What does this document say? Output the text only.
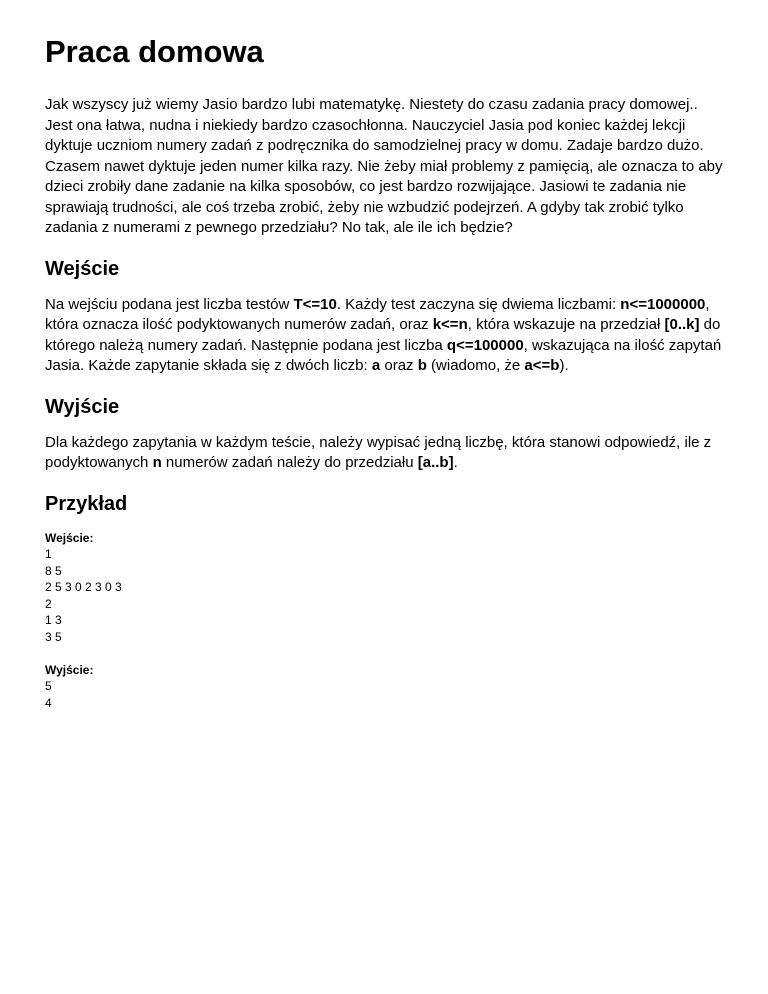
Praca domowa

Jak wszyscy już wiemy Jasio bardzo lubi matematykę. Niestety do czasu zadania pracy domowej.. Jest ona łatwa, nudna i niekiedy bardzo czasochłonna. Nauczyciel Jasia pod koniec każdej lekcji dyktuje uczniom numery zadań z podręcznika do samodzielnej pracy w domu. Zadaje bardzo dużo. Czasem nawet dyktuje jeden numer kilka razy. Nie żeby miał problemy z pamięcią, ale oznacza to aby dzieci zrobiły dane zadanie na kilka sposobów, co jest bardzo rozwijające. Jasiowi te zadania nie sprawiają trudności, ale coś trzeba zrobić, żeby nie wzbudzić podejrzeń. A gdyby tak zrobić tylko zadania z numerami z pewnego przedziału? No tak, ale ile ich będzie?

Wejście

Na wejściu podana jest liczba testów T<=10. Każdy test zaczyna się dwiema liczbami: n<=1000000, która oznacza ilość podyktowanych numerów zadań, oraz k<=n, która wskazuje na przedział [0..k] do którego należą numery zadań. Następnie podana jest liczba q<=100000, wskazująca na ilość zapytań Jasia. Każde zapytanie składa się z dwóch liczb: a oraz b (wiadomo, że a<=b).

Wyjście

Dla każdego zapytania w każdym teście, należy wypisać jedną liczbę, która stanowi odpowiedź, ile z podyktowanych n numerów zadań należy do przedziału [a..b].

Przykład
Wejście:
1
8 5
2 5 3 0 2 3 0 3
2
1 3
3 5
Wyjście:
5
4
